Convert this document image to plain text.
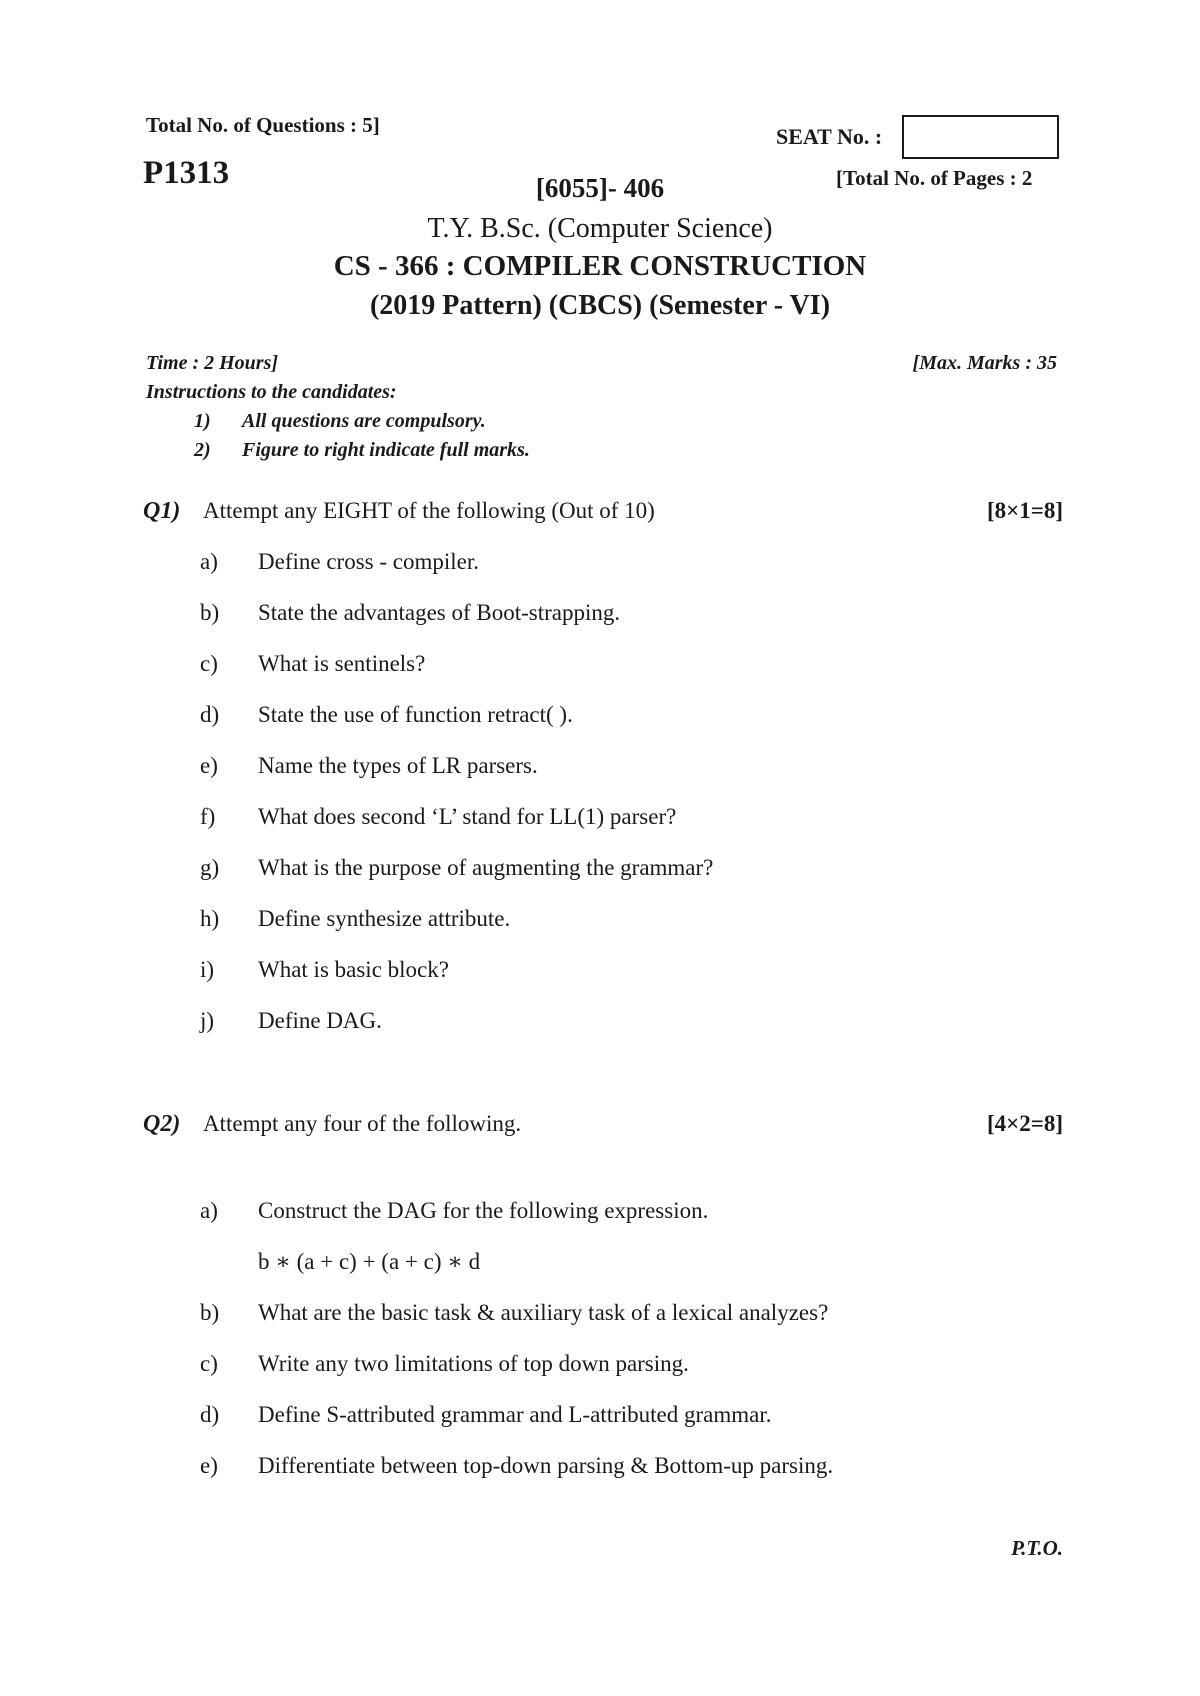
Total No. of Questions : 5]	SEAT No. :
P1313	[Total No. of Pages : 2
[6055]- 406
T.Y. B.Sc. (Computer Science)
CS - 366 : COMPILER CONSTRUCTION
(2019 Pattern) (CBCS) (Semester - VI)
Time : 2 Hours]	[Max. Marks : 35
Instructions to the candidates:
1) All questions are compulsory.
2) Figure to right indicate full marks.
Q1) Attempt any EIGHT of the following (Out of 10)	[8×1=8]
a) Define cross - compiler.
b) State the advantages of Boot-strapping.
c) What is sentinels?
d) State the use of function retract( ).
e) Name the types of LR parsers.
f) What does second ‘L’ stand for LL(1) parser?
g) What is the purpose of augmenting the grammar?
h) Define synthesize attribute.
i) What is basic block?
j) Define DAG.
Q2) Attempt any four of the following.	[4×2=8]
a) Construct the DAG for the following expression.
b ∗ (a + c) + (a + c) ∗ d
b) What are the basic task & auxiliary task of a lexical analyzes?
c) Write any two limitations of top down parsing.
d) Define S-attributed grammar and L-attributed grammar.
e) Differentiate between top-down parsing & Bottom-up parsing.
P.T.O.
